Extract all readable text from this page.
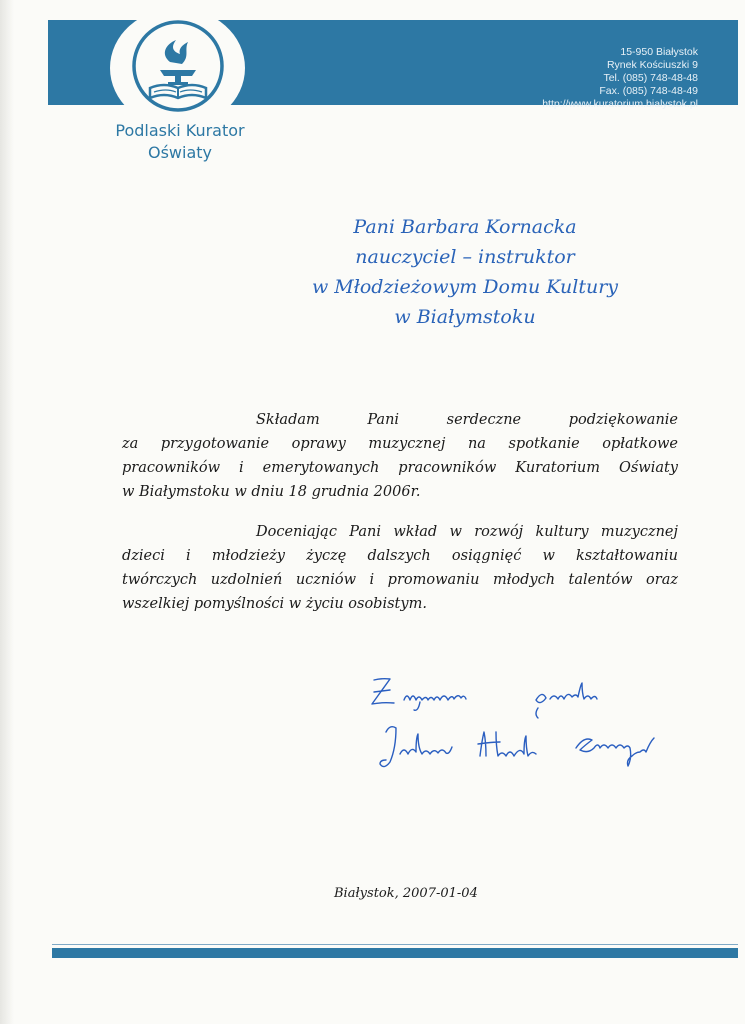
15-950 Białystok
Rynek Kościuszki 9
Tel. (085) 748-48-48
Fax. (085) 748-48-49
http://www.kuratorium.bialystok.pl
Podlaski Kurator
Oświaty
Pani Barbara Kornacka
nauczyciel – instruktor
w Młodzieżowym Domu Kultury
w Białymstoku
Składam Pani serdeczne podziękowanie
za przygotowanie oprawy muzycznej na spotkanie opłatkowe
pracowników i emerytowanych pracowników Kuratorium Oświaty
w Białymstoku w dniu 18 grudnia 2006r.
Doceniając Pani wkład w rozwój kultury muzycznej
dzieci i młodzieży życzę dalszych osiągnięć w kształtowaniu
twórczych uzdolnień uczniów i promowaniu młodych talentów oraz
wszelkiej pomyślności w życiu osobistym.
Białystok, 2007-01-04
